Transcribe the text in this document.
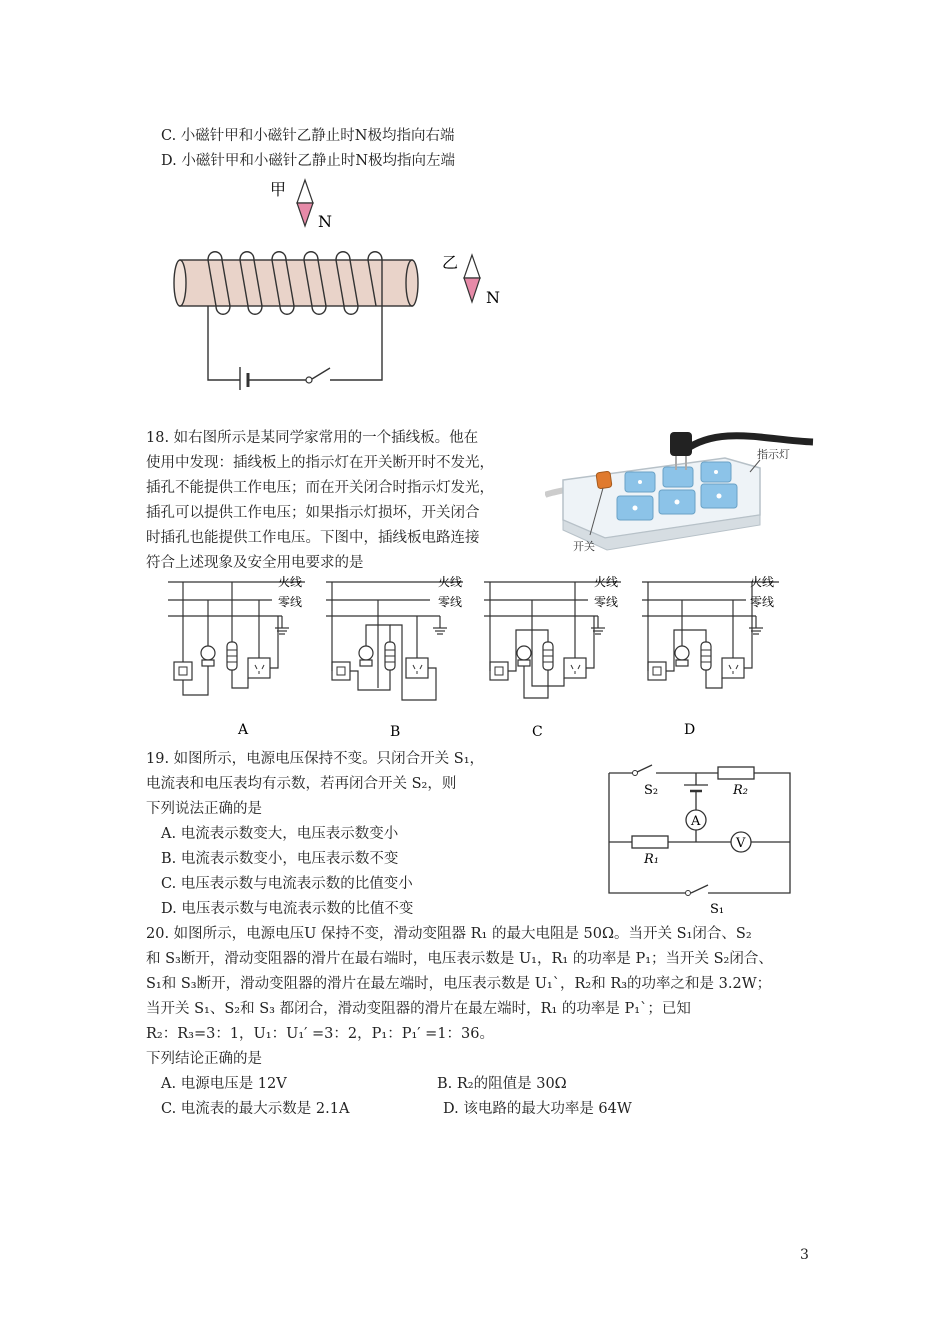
C. 小磁针甲和小磁针乙静止时N极均指向右端
D. 小磁针甲和小磁针乙静止时N极均指向左端
甲
N
乙
N
18. 如右图所示是某同学家常用的一个插线板。他在
使用中发现：插线板上的指示灯在开关断开时不发光，
插孔不能提供工作电压；而在开关闭合时指示灯发光，
插孔可以提供工作电压；如果指示灯损坏，开关闭合
时插孔也能提供工作电压。下图中，插线板电路连接
符合上述现象及安全用电要求的是
指示灯
开关
火线
零线
火线
零线
火线
零线
火线
零线
A	B	C	D
19. 如图所示，电源电压保持不变。只闭合开关 S₁，
电流表和电压表均有示数，若再闭合开关 S₂，则
下列说法正确的是
A. 电流表示数变大，电压表示数变小
B. 电流表示数变小，电压表示数不变
C. 电压表示数与电流表示数的比值变小
D. 电压表示数与电流表示数的比值不变
A
V
S₂	R₂
R₁
S₁
20. 如图所示，电源电压U 保持不变，滑动变阻器 R₁ 的最大电阻是 50Ω。当开关 S₁闭合、S₂
和 S₃断开，滑动变阻器的滑片在最右端时，电压表示数是 U₁，R₁ 的功率是 P₁；当开关 S₂闭合、
S₁和 S₃断开，滑动变阻器的滑片在最左端时，电压表示数是 U₁`，R₂和 R₃的功率之和是 3.2W；
当开关 S₁、S₂和 S₃ 都闭合，滑动变阻器的滑片在最左端时，R₁ 的功率是 P₁`；已知
R₂：R₃=3：1，U₁：U₁′ =3：2，P₁：P₁′ =1：36。
下列结论正确的是
A. 电源电压是 12V	B. R₂的阻值是 30Ω
C. 电流表的最大示数是 2.1A	D. 该电路的最大功率是 64W
3
